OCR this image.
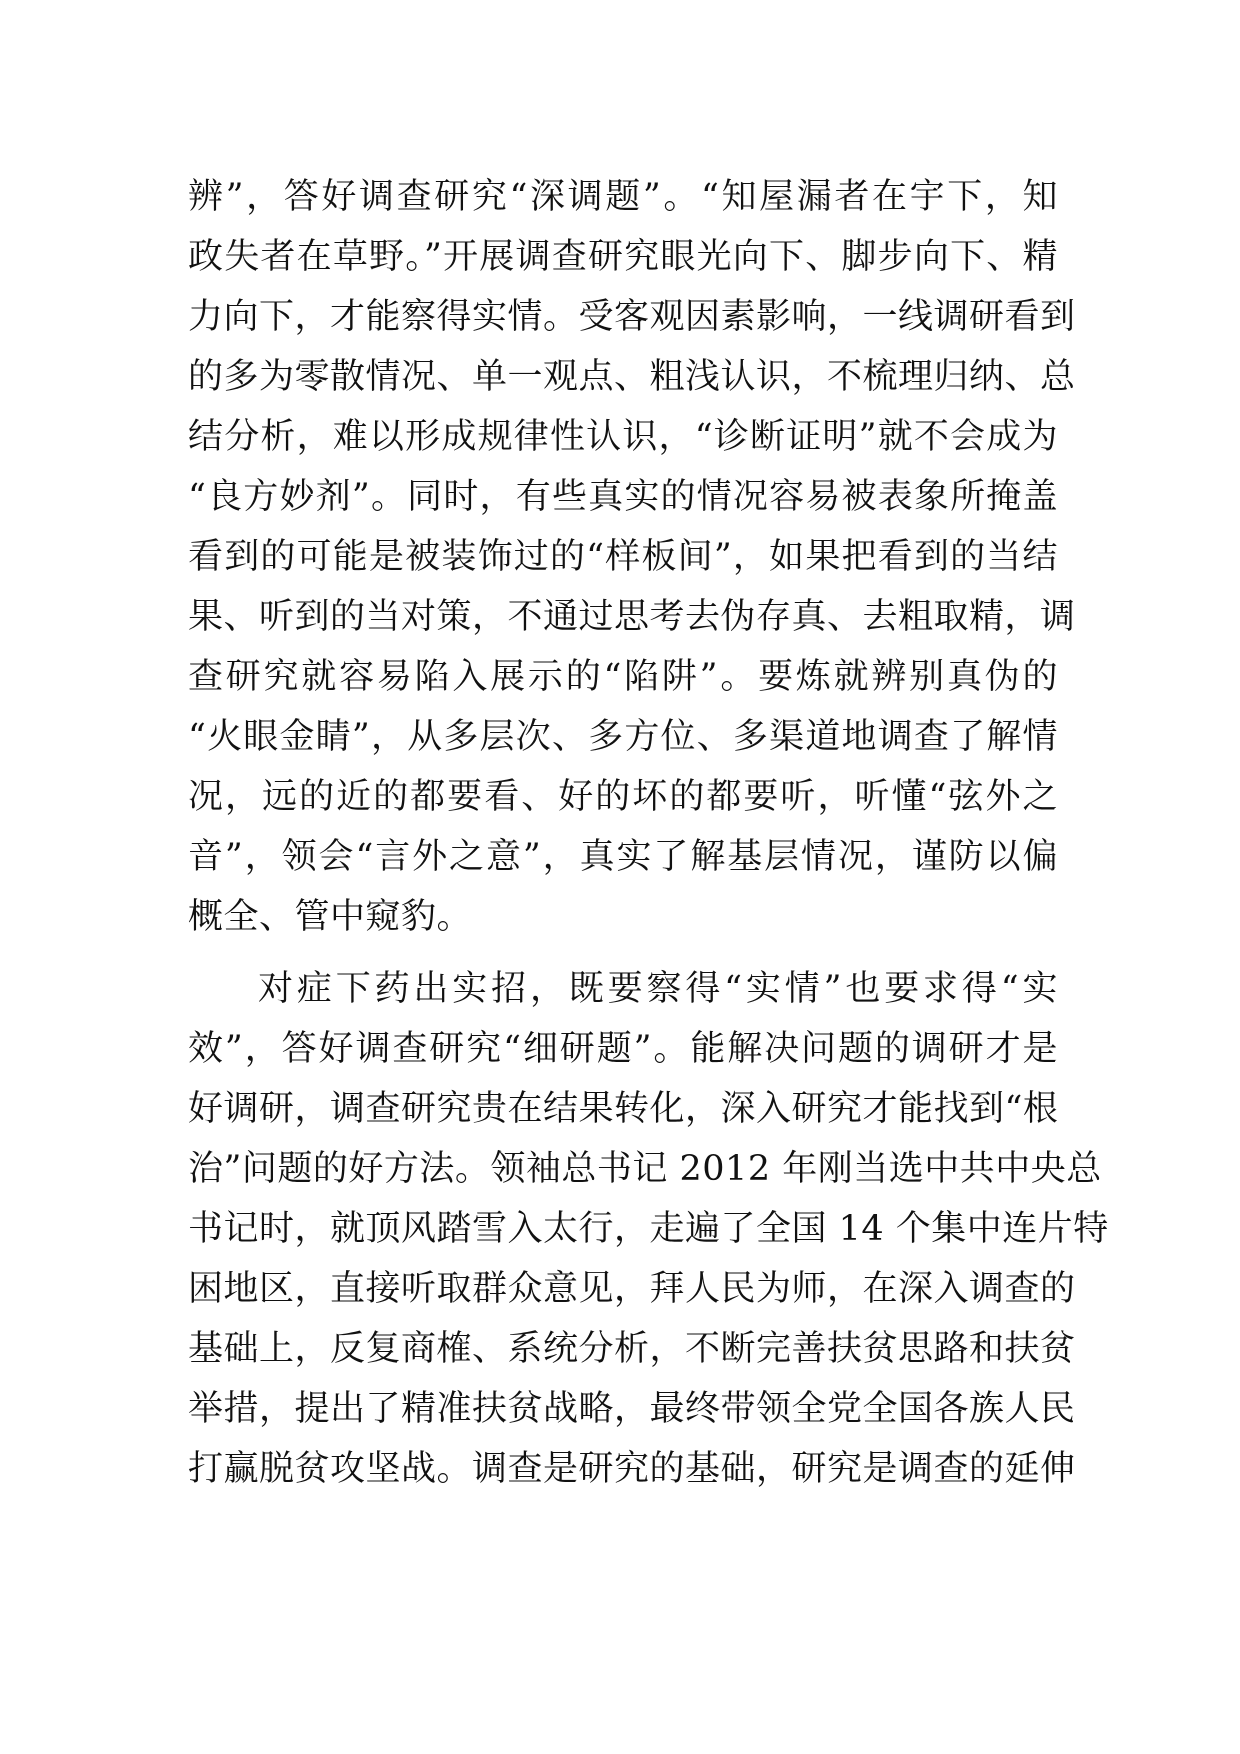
辨”，答好调查研究“深调题”。“知屋漏者在宇下，知
政失者在草野。”开展调查研究眼光向下、脚步向下、精
力向下，才能察得实情。受客观因素影响，一线调研看到
的多为零散情况、单一观点、粗浅认识，不梳理归纳、总
结分析，难以形成规律性认识，“诊断证明”就不会成为
“良方妙剂”。同时，有些真实的情况容易被表象所掩盖
看到的可能是被装饰过的“样板间”，如果把看到的当结
果、听到的当对策，不通过思考去伪存真、去粗取精，调
查研究就容易陷入展示的“陷阱”。要炼就辨别真伪的
“火眼金睛”，从多层次、多方位、多渠道地调查了解情
况，远的近的都要看、好的坏的都要听，听懂“弦外之
音”，领会“言外之意”，真实了解基层情况，谨防以偏
概全、管中窥豹。
对症下药出实招，既要察得“实情”也要求得“实
效”，答好调查研究“细研题”。能解决问题的调研才是
好调研，调查研究贵在结果转化，深入研究才能找到“根
治”问题的好方法。领袖总书记 2012 年刚当选中共中央总
书记时，就顶风踏雪入太行，走遍了全国 14 个集中连片特
困地区，直接听取群众意见，拜人民为师，在深入调查的
基础上，反复商榷、系统分析，不断完善扶贫思路和扶贫
举措，提出了精准扶贫战略，最终带领全党全国各族人民
打赢脱贫攻坚战。调查是研究的基础，研究是调查的延伸
